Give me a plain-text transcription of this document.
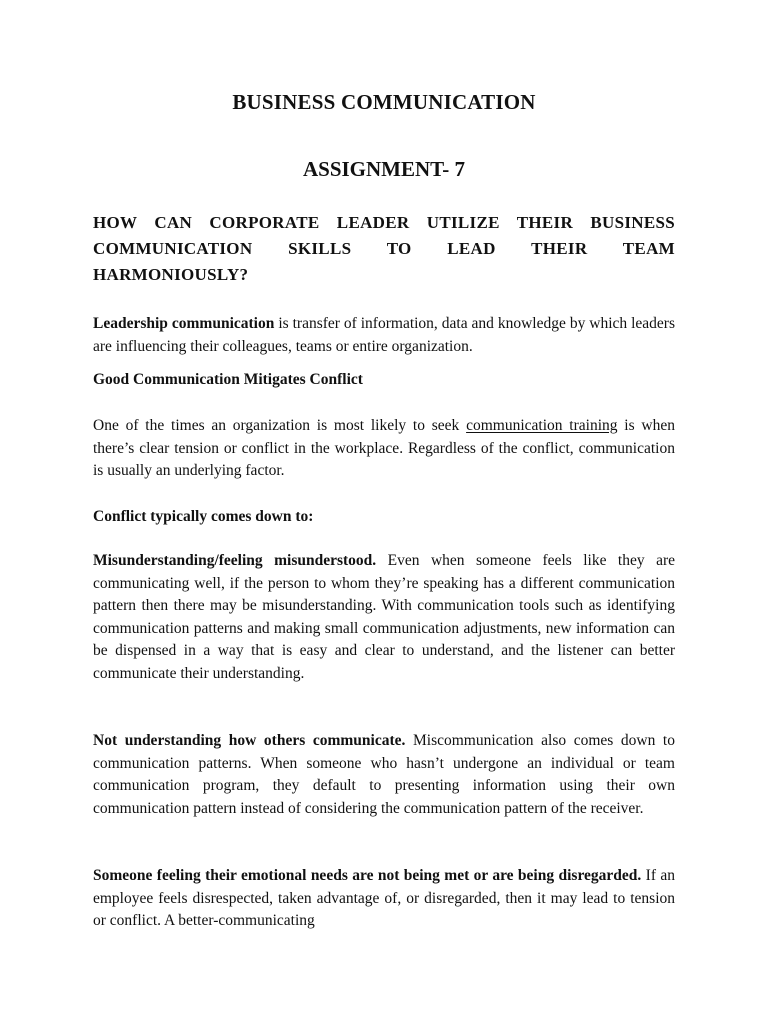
BUSINESS COMMUNICATION
ASSIGNMENT- 7
HOW CAN CORPORATE LEADER UTILIZE THEIR BUSINESS COMMUNICATION SKILLS TO LEAD THEIR TEAM HARMONIOUSLY?

Leadership communication is transfer of information, data and knowledge by which leaders are influencing their colleagues, teams or entire organization.

Good Communication Mitigates Conflict

One of the times an organization is most likely to seek communication training is when there’s clear tension or conflict in the workplace. Regardless of the conflict, communication is usually an underlying factor.

Conflict typically comes down to:

Misunderstanding/feeling misunderstood. Even when someone feels like they are communicating well, if the person to whom they’re speaking has a different communication pattern then there may be misunderstanding. With communication tools such as identifying communication patterns and making small communication adjustments, new information can be dispensed in a way that is easy and clear to understand, and the listener can better communicate their understanding.

Not understanding how others communicate. Miscommunication also comes down to communication patterns. When someone who hasn’t undergone an individual or team communication program, they default to presenting information using their own communication pattern instead of considering the communication pattern of the receiver.

Someone feeling their emotional needs are not being met or are being disregarded. If an employee feels disrespected, taken advantage of, or disregarded, then it may lead to tension or conflict. A better-communicating
